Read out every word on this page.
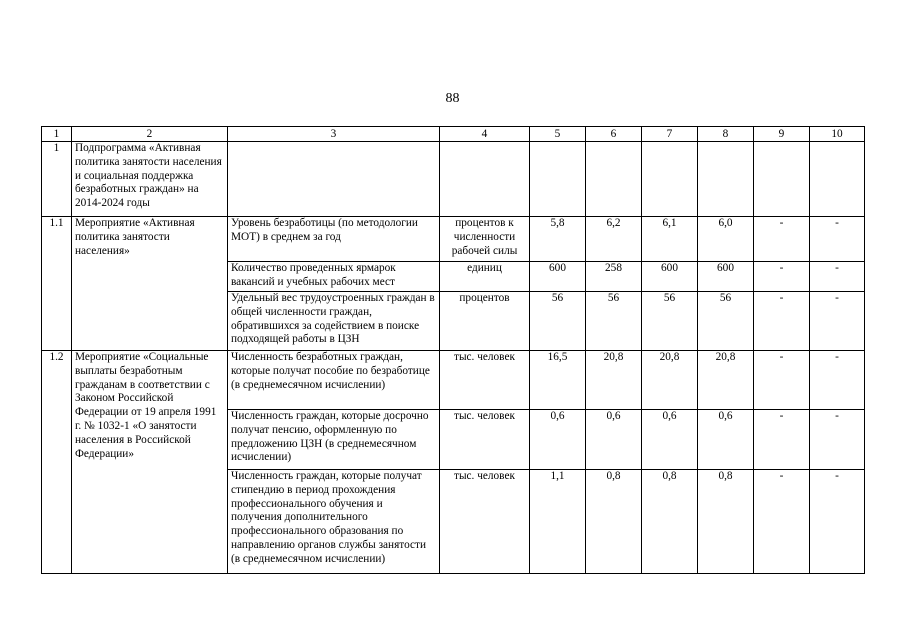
88
1	2	3	4	5	6	7	8	9	10
1	Подпрограмма «Активная политика занятости населения и социальная поддержка безработных граждан» на 2014-2024 годы								
1.1	Мероприятие «Активная политика занятости населения»	Уровень безработицы (по методологии МОТ) в среднем за год	процентов к численности рабочей силы	5,8	6,2	6,1	6,0	-	-
		Количество проведенных ярмарок вакансий и учебных рабочих мест	единиц	600	258	600	600	-	-
		Удельный вес трудоустроенных граждан в общей численности граждан, обратившихся за содействием в поиске подходящей работы в ЦЗН	процентов	56	56	56	56	-	-
1.2	Мероприятие «Социальные выплаты безработным гражданам в соответствии с Законом Российской Федерации от 19 апреля 1991 г. № 1032-1 «О занятости населения в Российской Федерации»	Численность безработных граждан, которые получат пособие по безработице (в среднемесячном исчислении)	тыс. человек	16,5	20,8	20,8	20,8	-	-
		Численность граждан, которые досрочно получат пенсию, оформленную по предложению ЦЗН (в среднемесячном исчислении)	тыс. человек	0,6	0,6	0,6	0,6	-	-
		Численность граждан, которые получат стипендию в период прохождения профессионального обучения и получения дополнительного профессионального образования по направлению органов службы занятости (в среднемесячном исчислении)	тыс. человек	1,1	0,8	0,8	0,8	-	-
